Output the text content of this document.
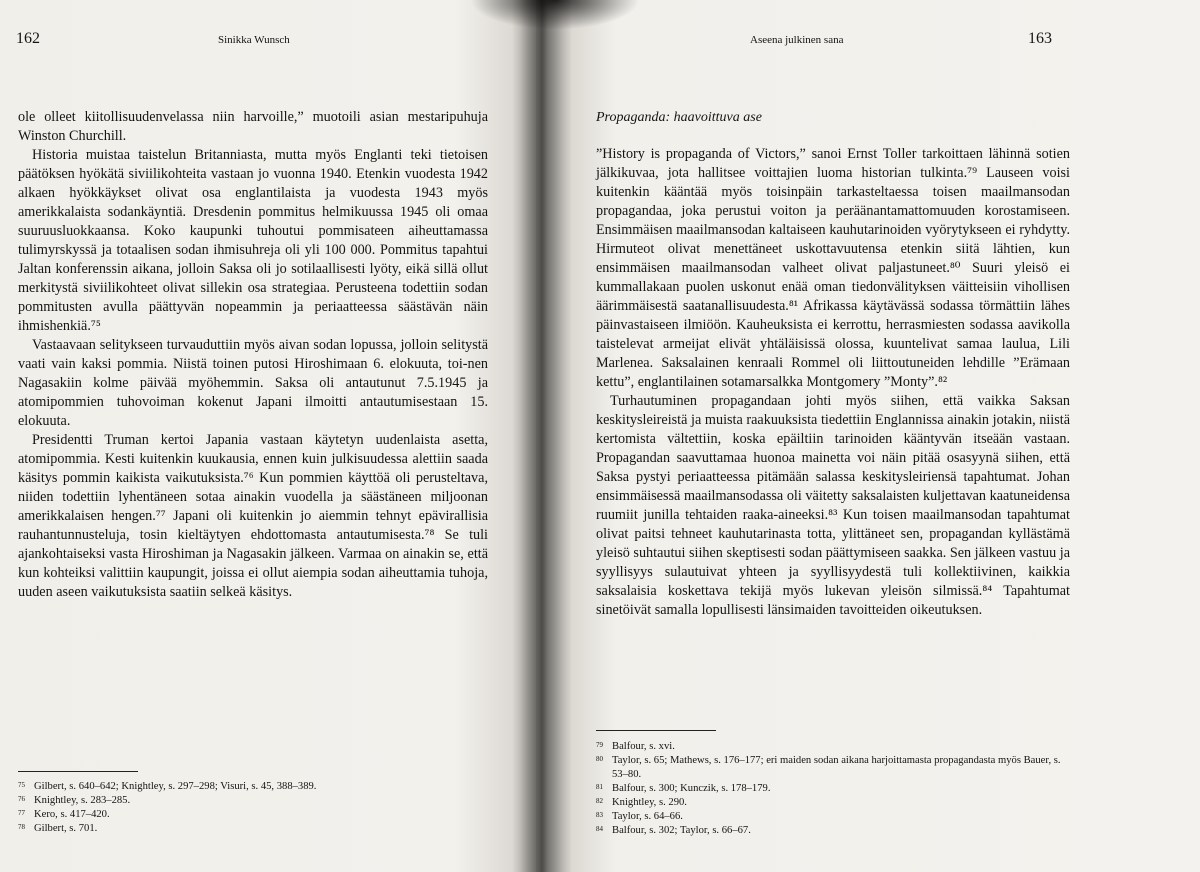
162	Sinikka Wunsch

ole olleet kiitollisuudenvelassa niin harvoille,” muotoili asian mestaripuhuja Winston Churchill.

Historia muistaa taistelun Britanniasta, mutta myös Englanti teki tietoisen päätöksen hyökätä siviilikohteita vastaan jo vuonna 1940. Etenkin vuodesta 1942 alkaen hyökkäykset olivat osa englantilaista ja vuodesta 1943 myös amerikkalaista sodankäyntiä. Dresdenin pommitus helmikuussa 1945 oli omaa suuruusluokkaansa. Koko kaupunki tuhoutui pommisateen aiheuttamassa tulimyrskyssä ja totaalisen sodan ihmisuhreja oli yli 100 000. Pommitus tapahtui Jaltan konferenssin aikana, jolloin Saksa oli jo sotilaallisesti lyöty, eikä sillä ollut merkitystä siviilikohteet olivat sillekin osa strategiaa. Perusteena todettiin sodan pommitusten avulla päättyvän nopeammin ja periaatteessa säästävän näin ihmishenkiä.⁷⁵

Vastaavaan selitykseen turvauduttiin myös aivan sodan lopussa, jolloin selitystä vaati vain kaksi pommia. Niistä toinen putosi Hiroshimaan 6. elokuuta, toi-nen Nagasakiin kolme päivää myöhemmin. Saksa oli antautunut 7.5.1945 ja atomipommien tuhovoiman kokenut Japani ilmoitti antautumisestaan 15. elokuuta.

Presidentti Truman kertoi Japania vastaan käytetyn uudenlaista asetta, atomipommia. Kesti kuitenkin kuukausia, ennen kuin julkisuudessa alettiin saada käsitys pommin kaikista vaikutuksista.⁷⁶ Kun pommien käyttöä oli perusteltava, niiden todettiin lyhentäneen sotaa ainakin vuodella ja säästäneen miljoonan amerikkalaisen hengen.⁷⁷ Japani oli kuitenkin jo aiemmin tehnyt epävirallisia rauhantunnusteluja, tosin kieltäytyen ehdottomasta antautumisesta.⁷⁸ Se tuli ajankohtaiseksi vasta Hiroshiman ja Nagasakin jälkeen. Varmaa on ainakin se, että kun kohteiksi valittiin kaupungit, joissa ei ollut aiempia sodan aiheuttamia tuhoja, uuden aseen vaikutuksista saatiin selkeä käsitys.

75 Gilbert, s. 640–642; Knightley, s. 297–298; Visuri, s. 45, 388–389.
76 Knightley, s. 283–285.
77 Kero, s. 417–420.
78 Gilbert, s. 701.
Aseena julkinen sana	163
Propaganda: haavoittuva ase

”History is propaganda of Victors,” sanoi Ernst Toller tarkoittaen lähinnä sotien jälkikuvaa, jota hallitsee voittajien luoma historian tulkinta.⁷⁹ Lauseen voisi kuitenkin kääntää myös toisinpäin tarkasteltaessa toisen maailmansodan propagandaa, joka perustui voiton ja peräänantamattomuuden korostamiseen. Ensimmäisen maailmansodan kaltaiseen kauhutarinoiden vyörytykseen ei ryhdytty. Hirmuteot olivat menettäneet uskottavuutensa etenkin siitä lähtien, kun ensimmäisen maailmansodan valheet olivat paljastuneet.⁸⁰ Suuri yleisö ei kummallakaan puolen uskonut enää oman tiedonvälityksen väitteisiin vihollisen äärimmäisestä saatanallisuudesta.⁸¹ Afrikassa käytävässä sodassa törmättiin lähes päinvastaiseen ilmiöön. Kauheuksista ei kerrottu, herrasmiesten sodassa aavikolla taistelevat armeijat elivät yhtäläisissä olossa, kuuntelivat samaa laulua, Lili Marlenea. Saksalainen kenraali Rommel oli liittoutuneiden lehdille ”Erämaan kettu”, englantilainen sotamarsalkka Montgomery ”Monty”.⁸²

Turhautuminen propagandaan johti myös siihen, että vaikka Saksan keskitysleireistä ja muista raakuuksista tiedettiin Englannissa ainakin jotakin, niistä kertomista vältettiin, koska epäiltiin tarinoiden kääntyvän itseään vastaan. Propagandan saavuttamaa huonoa mainetta voi näin pitää osasyynä siihen, että Saksa pystyi periaatteessa pitämään salassa keskitysleiriensä tapahtumat. Johan ensimmäisessä maailmansodassa oli väitetty saksalaisten kuljettavan kaatuneidensa ruumiit junilla tehtaiden raaka-aineeksi.⁸³ Kun toisen maailmansodan tapahtumat olivat paitsi tehneet kauhutarinasta totta, ylittäneet sen, propagandan kyllästämä yleisö suhtautui siihen skeptisesti sodan päättymiseen saakka. Sen jälkeen vastuu ja syyllisyys sulautuivat yhteen ja syyllisyydestä tuli kollektiivinen, kaikkia saksalaisia koskettava tekijä myös lukevan yleisön silmissä.⁸⁴ Tapahtumat sinetöivät samalla lopullisesti länsimaiden tavoitteiden oikeutuksen.

79 Balfour, s. xvi.
80 Taylor, s. 65; Mathews, s. 176–177; eri maiden sodan aikana harjoittamasta propagandasta myös Bauer, s. 53–80.
81 Balfour, s. 300; Kunczik, s. 178–179.
82 Knightley, s. 290.
83 Taylor, s. 64–66.
84 Balfour, s. 302; Taylor, s. 66–67.
